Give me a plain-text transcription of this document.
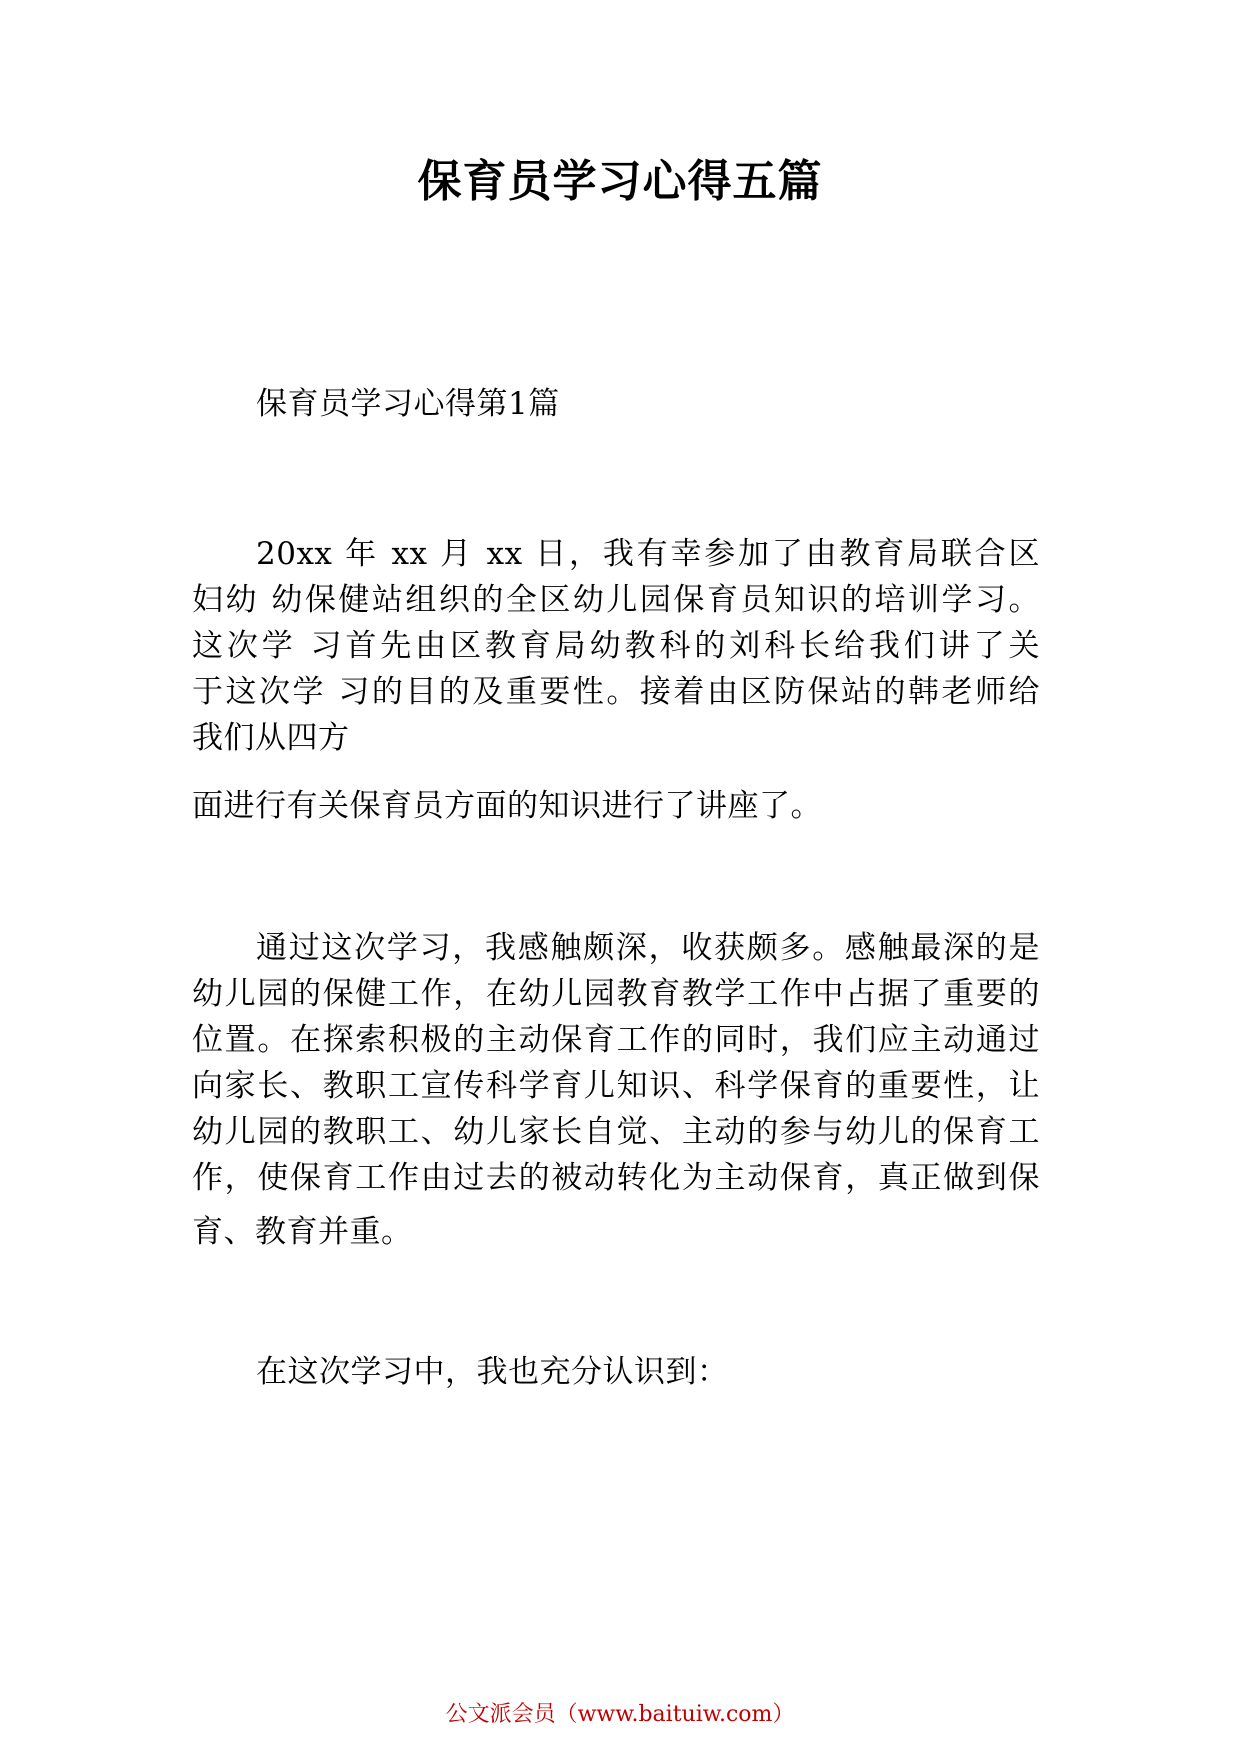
保育员学习心得五篇
保育员学习心得第1篇
20xx 年 xx 月 xx 日，我有幸参加了由教育局联合区
妇幼 幼保健站组织的全区幼儿园保育员知识的培训学习。
这次学 习首先由区教育局幼教科的刘科长给我们讲了关
于这次学 习的目的及重要性。接着由区防保站的韩老师给
我们从四方
面进行有关保育员方面的知识进行了讲座了。
通过这次学习，我感触颇深，收获颇多。感触最深的是
幼儿园的保健工作，在幼儿园教育教学工作中占据了重要的
位置。在探索积极的主动保育工作的同时，我们应主动通过
向家长、教职工宣传科学育儿知识、科学保育的重要性，让
幼儿园的教职工、幼儿家长自觉、主动的参与幼儿的保育工
作，使保育工作由过去的被动转化为主动保育，真正做到保
育、教育并重。
在这次学习中，我也充分认识到：
公文派会员（www.baituiw.com）
